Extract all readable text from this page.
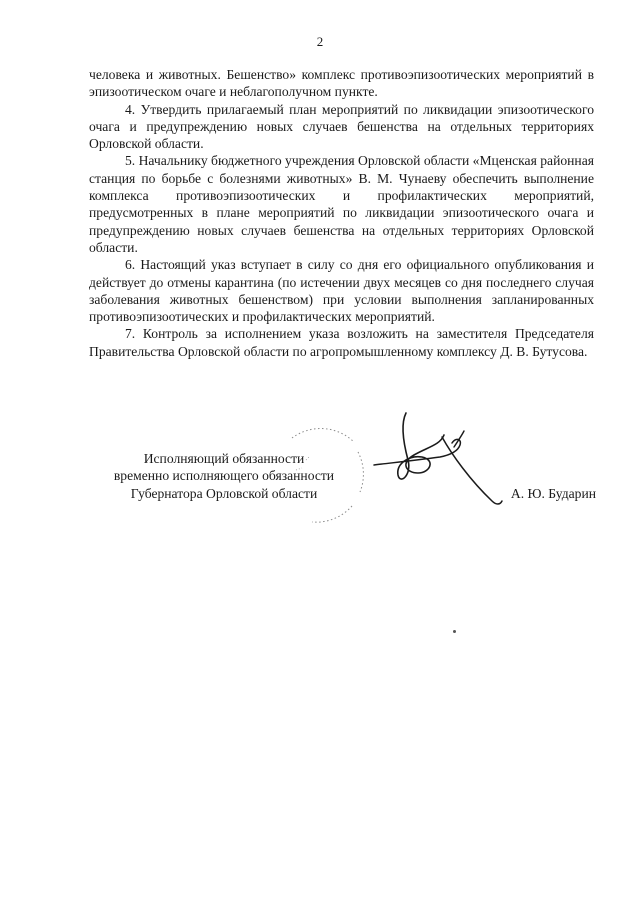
2

человека и животных. Бешенство» комплекс противоэпизоотических мероприятий в эпизоотическом очаге и неблагополучном пункте.

4. Утвердить прилагаемый план мероприятий по ликвидации эпизоотического очага и предупреждению новых случаев бешенства на отдельных территориях Орловской области.

5. Начальнику бюджетного учреждения Орловской области «Мценская районная станция по борьбе с болезнями животных» В. М. Чунаеву обеспечить выполнение комплекса противоэпизоотических и профилактических мероприятий, предусмотренных в плане мероприятий по ликвидации эпизоотического очага и предупреждению новых случаев бешенства на отдельных территориях Орловской области.

6. Настоящий указ вступает в силу со дня его официального опубликования и действует до отмены карантина (по истечении двух месяцев со дня последнего случая заболевания животных бешенством) при условии выполнения запланированных противоэпизоотических и профилактических мероприятий.

7. Контроль за исполнением указа возложить на заместителя Председателя Правительства Орловской области по агропромышленному комплексу Д. В. Бутусова.

Исполняющий обязанности
временно исполняющего обязанности
Губернатора Орловской области	А. Ю. Бударин
